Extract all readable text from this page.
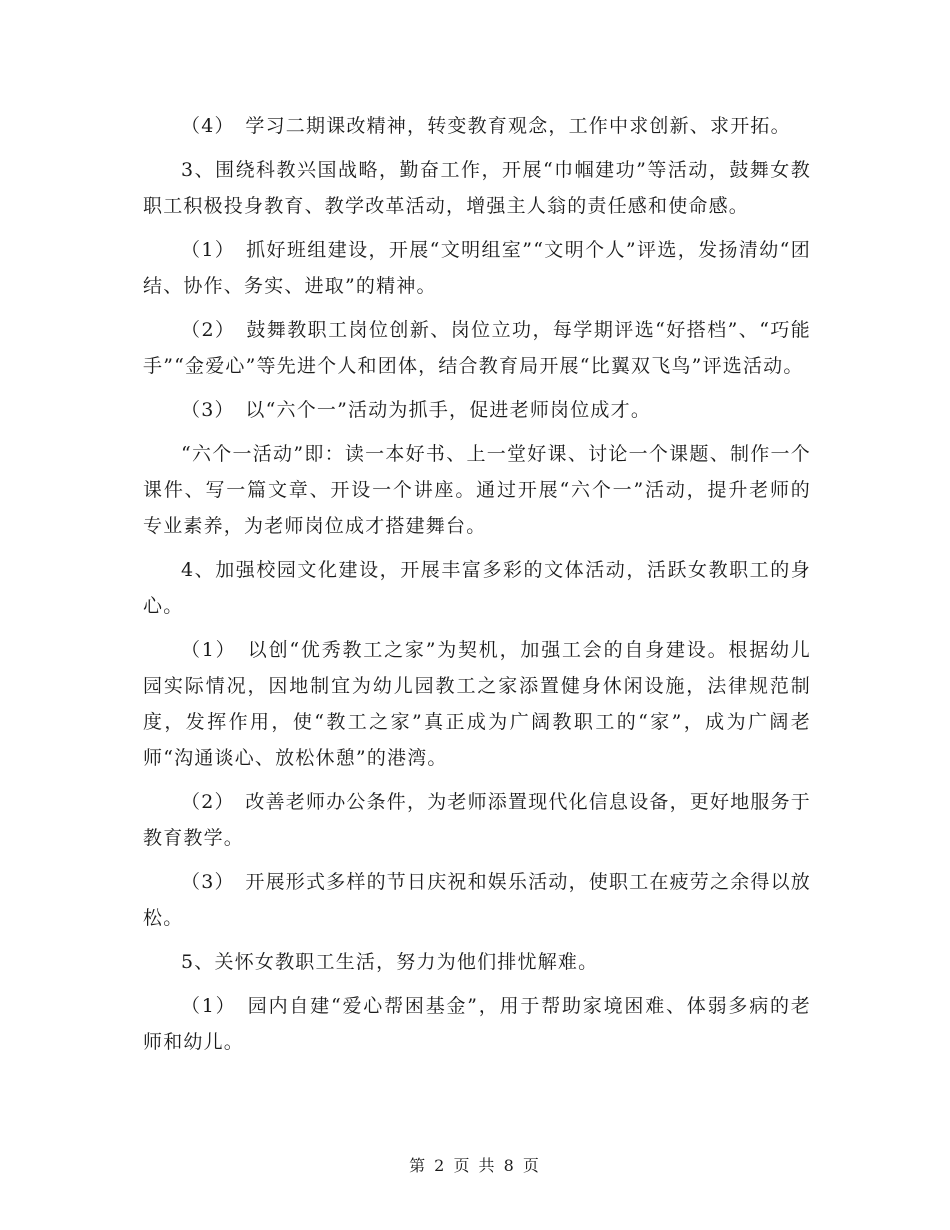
（4）　学习二期课改精神，转变教育观念，工作中求创新、求开拓。

3、围绕科教兴国战略，勤奋工作，开展“巾帼建功”等活动，鼓舞女教职工积极投身教育、教学改革活动，增强主人翁的责任感和使命感。

（1）　抓好班组建设，开展“文明组室”“文明个人”评选，发扬清幼“团结、协作、务实、进取”的精神。

（2）　鼓舞教职工岗位创新、岗位立功，每学期评选“好搭档”、“巧能手”“金爱心”等先进个人和团体，结合教育局开展“比翼双飞鸟”评选活动。

（3）　以“六个一”活动为抓手，促进老师岗位成才。

“六个一活动”即：读一本好书、上一堂好课、讨论一个课题、制作一个课件、写一篇文章、开设一个讲座。通过开展“六个一”活动，提升老师的专业素养，为老师岗位成才搭建舞台。

4、加强校园文化建设，开展丰富多彩的文体活动，活跃女教职工的身心。

（1）　以创“优秀教工之家”为契机，加强工会的自身建设。根据幼儿园实际情况，因地制宜为幼儿园教工之家添置健身休闲设施，法律规范制度，发挥作用，使“教工之家”真正成为广阔教职工的“家”，成为广阔老师“沟通谈心、放松休憩”的港湾。

（2）　改善老师办公条件，为老师添置现代化信息设备，更好地服务于教育教学。

（3）　开展形式多样的节日庆祝和娱乐活动，使职工在疲劳之余得以放松。

5、关怀女教职工生活，努力为他们排忧解难。

（1）　园内自建“爱心帮困基金”，用于帮助家境困难、体弱多病的老师和幼儿。

第 2 页 共 8 页
